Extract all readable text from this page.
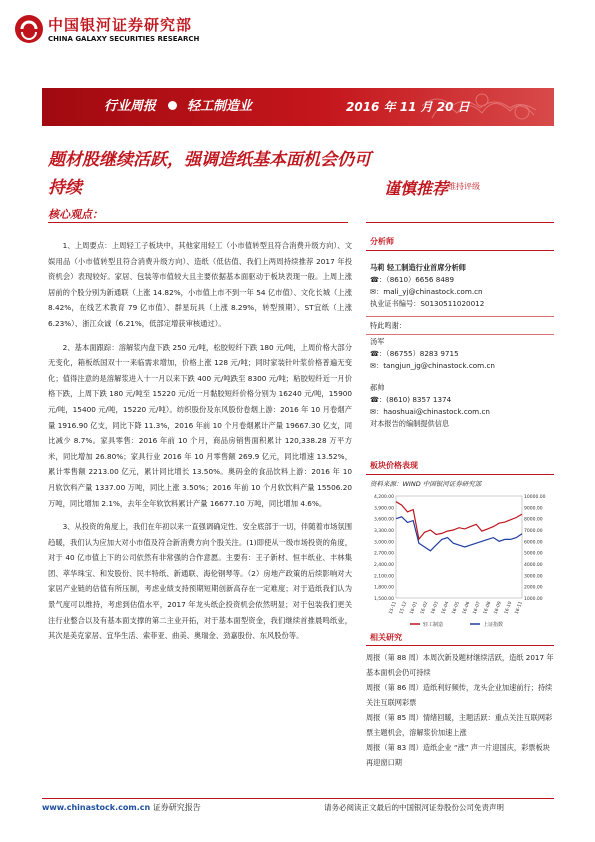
中国银河证券研究部
CHINA GALAXY SECURITIES RESEARCH
行业周报 轻工制造业	2016 年 11 月 20 日
题材股继续活跃，强调造纸基本面机会仍可持续	谨慎推荐 维持评级
核心观点：

1、上周要点：上周轻工子板块中，其他家用轻工（小市值转型且符合消费升级方向）、文娱用品（小市值转型且符合消费升级方向）、造纸（低估值、我们上两周持续推荐 2017 年投资机会）表现较好。家居、包装等市值较大且主要依据基本面驱动于板块表现一般。上周上涨居前的个股分别为新通联（上涨 14.82%，小市值上市不到一年 54 亿市值）、文化长城（上涨 8.42%，在线艺术教育 79 亿市值）、群星玩具（上涨 8.29%，转型预期）、ST宜纸（上涨 6.23%）、浙江众诚（6.21%，低部定增获审核通过）。

2、基本面跟踪：溶解浆内盘下跌 250 元/吨，松胶短纤下跌 180 元/吨，上周价格大部分无变化，箱板纸国双十一来临需求增加，价格上涨 128 元/吨；同时家装针叶浆价格普遍无变化；值得注意的是溶解浆进入十一月以来下跌 400 元/吨跌至 8300 元/吨；粘胶短纤近一月价格下跌，上周下跌 180 元/吨至 15220 元/近一月黏胶短纤价格分别为 16240 元/吨，15900 元/吨，15400 元/吨，15220 元/吨）。纺织股份及东风股份卷烟上游：2016 年 10 月卷烟产量 1916.90 亿支，同比下降 11.3%，2016 年前 10 个月卷烟累计产量 19667.30 亿支，同比减少 8.7%。家具零售：2016 年前 10 个月，商品房销售面积累计 120,338.28 万平方米，同比增加 26.80%；家具行业 2016 年 10 月零售额 269.9 亿元，同比增速 13.52%，累计零售额 2213.00 亿元，累计同比增长 13.50%。奥码金的食品饮料上游：2016 年 10 月软饮料产量 1337.00 万吨，同比上涨 3.50%；2016 年前 10 个月软饮料产量 15506.20 万吨，同比增加 2.1%，去年全年软饮料累计产量 16677.10 万吨，同比增加 4.6%。

3、从投资的角度上，我们在年初以来一直强调确定性、安全底部于一切，伴随着市场氛围趋暖，我们认为应加大对小市值及符合新消费方向个股关注。(1)即使从一级市场投资的角度，对于 40 亿市值上下的公司依然有非常强的合作意愿。主要有：王子新材、恒丰纸业、丰林集团、萃华珠宝、和发股份、民丰特纸、新通联、海伦钢琴等。（2）房地产政策的后续影响对大家居产业链的估值有所压制，考虑业绩支持预期短期创新高存在一定难度；对于造纸我们认为景气度可以维持，考虑到估值水平，2017 年龙头纸企投资机会依然明显；对于包装我们更关注行业整合以及有基本面支撑的第二主业开拓，对于基本面型资金，我们继续首推晨鸣纸业，其次是美克家居、宜华生活、索菲亚、曲美、奥瑞金、劲嘉股份、东风股份等。

分析师
马莉 轻工制造行业首席分析师
☎：（8610）6656 8489
✉：mali_yj@chinastock.com.cn
执业证书编号：S0130511020012
特此鸣谢：
汤军
☎：（86755）8283 9715
✉：tangjun_jg@chinastock.com.cn
郝帅
☎：(8610) 8357 1374
✉：haoshuai@chinastock.com.cn
对本报告的编制提供信息
板块价格表现
资料来源：WIND 中国银河证券研究部
4,200.00
3,900.00
3,600.00
3,300.00
3,000.00
2,700.00
2,400.00
2,100.00
1,800.00
1,500.00
10000.00
9000.00
8000.00
7000.00
6000.00
5000.00
4000.00
3000.00
2000.00
1000.00
15-11 15-12 16-01 16-02 16-03 16-04 16-05 16-06 16-07 16-08 16-09 16-10 16-11
轻工制造	上证指数
相关研究

周报（第 88 周）本周次新及题材继续活跃，造纸 2017 年基本面机会仍可持续

周报（第 86 周）造纸利好频传，龙头企业加速前行；持续关注互联网彩票

周报（第 85 周）情绪回暖，主题活跃：重点关注互联网彩票主题机会，溶解浆价加速上涨

周报（第 83 周）造纸企业 “涨” 声一片迎国庆，彩票板块再迎窗口期

www.chinastock.com.cn 证券研究报告	请务必阅读正文最后的中国银河证券股份公司免责声明
